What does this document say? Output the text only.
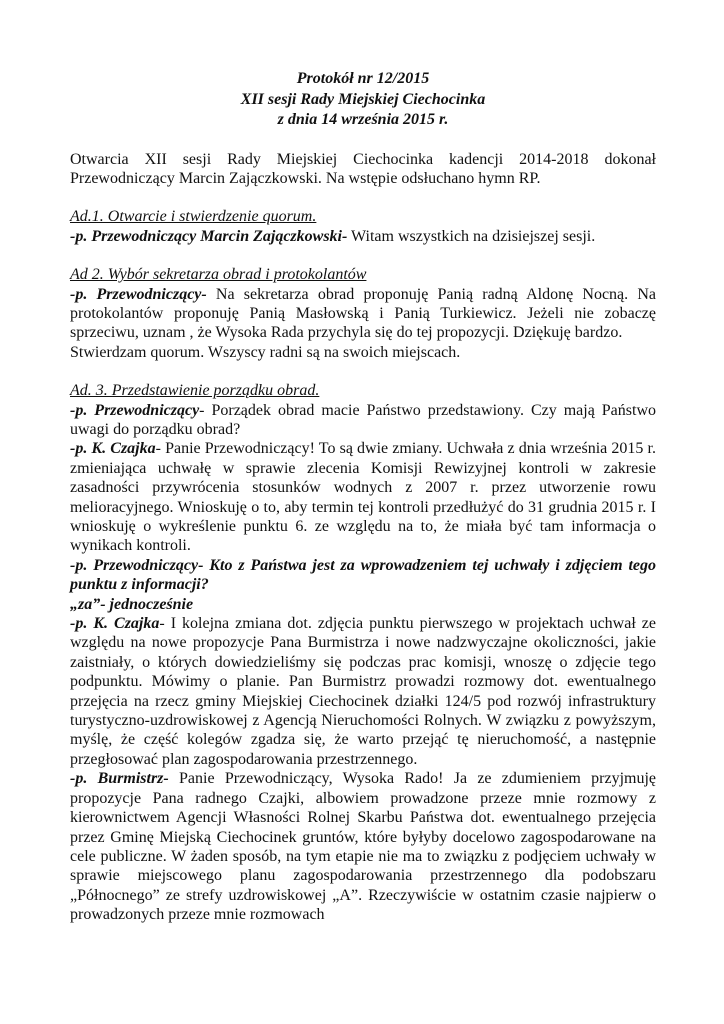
Protokół nr 12/2015
XII sesji Rady Miejskiej Ciechocinka
z dnia 14 września 2015 r.

Otwarcia XII sesji Rady Miejskiej Ciechocinka kadencji 2014-2018 dokonał Przewodniczący Marcin Zajączkowski. Na wstępie odsłuchano hymn RP.

Ad.1. Otwarcie i stwierdzenie quorum.

-p. Przewodniczący Marcin Zajączkowski- Witam wszystkich na dzisiejszej sesji.

Ad 2. Wybór sekretarza obrad i protokolantów

-p. Przewodniczący- Na sekretarza obrad proponuję Panią radną Aldonę Nocną. Na protokolantów proponuję Panią Masłowską i Panią Turkiewicz. Jeżeli nie zobaczę sprzeciwu, uznam , że Wysoka Rada przychyla się do tej propozycji. Dziękuję bardzo.

Stwierdzam quorum. Wszyscy radni są na swoich miejscach.

Ad. 3. Przedstawienie porządku obrad.

-p. Przewodniczący- Porządek obrad macie Państwo przedstawiony. Czy mają Państwo uwagi do porządku obrad?

-p. K. Czajka- Panie Przewodniczący! To są dwie zmiany. Uchwała z dnia września 2015 r. zmieniająca uchwałę w sprawie zlecenia Komisji Rewizyjnej kontroli w zakresie zasadności przywrócenia stosunków wodnych z 2007 r. przez utworzenie rowu melioracyjnego. Wnioskuję o to, aby termin tej kontroli przedłużyć do 31 grudnia 2015 r. I wnioskuję o wykreślenie punktu 6. ze względu na to, że miała być tam informacja o wynikach kontroli.

-p. Przewodniczący- Kto z Państwa jest za wprowadzeniem tej uchwały i zdjęciem tego punktu z informacji?

„za”- jednocześnie

-p. K. Czajka- I kolejna zmiana dot. zdjęcia punktu pierwszego w projektach uchwał ze względu na nowe propozycje Pana Burmistrza i nowe nadzwyczajne okoliczności, jakie zaistniały, o których dowiedzieliśmy się podczas prac komisji, wnoszę o zdjęcie tego podpunktu. Mówimy o planie. Pan Burmistrz prowadzi rozmowy dot. ewentualnego przejęcia na rzecz gminy Miejskiej Ciechocinek działki 124/5 pod rozwój infrastruktury turystyczno-uzdrowiskowej z Agencją Nieruchomości Rolnych. W związku z powyższym, myślę, że część kolegów zgadza się, że warto przejąć tę nieruchomość, a następnie przegłosować plan zagospodarowania przestrzennego.

-p. Burmistrz- Panie Przewodniczący, Wysoka Rado! Ja ze zdumieniem przyjmuję propozycje Pana radnego Czajki, albowiem prowadzone przeze mnie rozmowy z kierownictwem Agencji Własności Rolnej Skarbu Państwa dot. ewentualnego przejęcia przez Gminę Miejską Ciechocinek gruntów, które byłyby docelowo zagospodarowane na cele publiczne. W żaden sposób, na tym etapie nie ma to związku z podjęciem uchwały w sprawie miejscowego planu zagospodarowania przestrzennego dla podobszaru „Północnego” ze strefy uzdrowiskowej „A”. Rzeczywiście w ostatnim czasie najpierw o prowadzonych przeze mnie rozmowach
